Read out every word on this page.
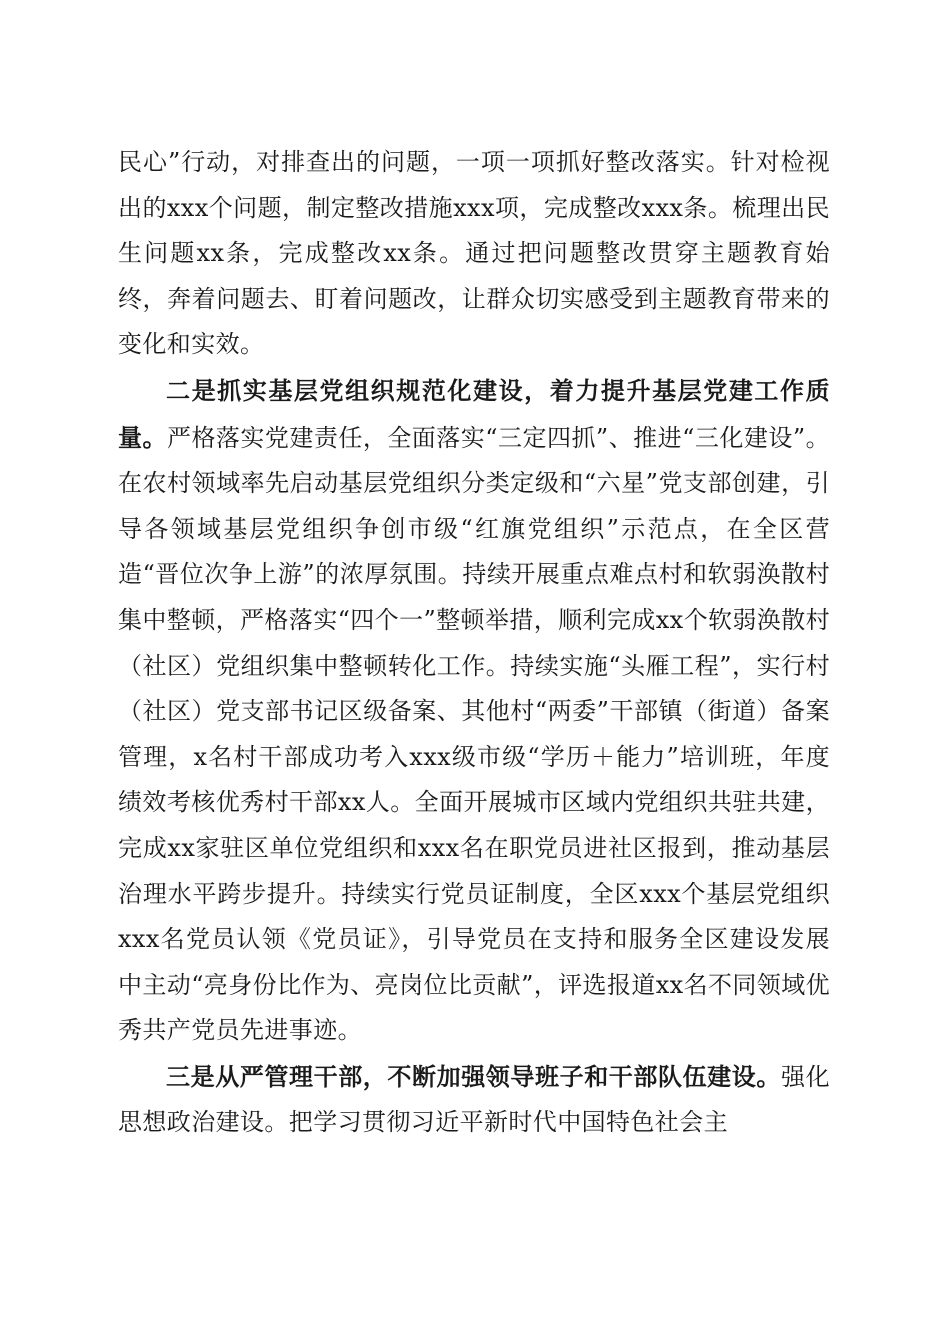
民心”行动，对排查出的问题，一项一项抓好整改落实。针对检视出的xxx个问题，制定整改措施xxx项，完成整改xxx条。梳理出民生问题xx条，完成整改xx条。通过把问题整改贯穿主题教育始终，奔着问题去、盯着问题改，让群众切实感受到主题教育带来的变化和实效。

二是抓实基层党组织规范化建设，着力提升基层党建工作质量。严格落实党建责任，全面落实“三定四抓”、推进“三化建设”。在农村领域率先启动基层党组织分类定级和“六星”党支部创建，引导各领域基层党组织争创市级“红旗党组织”示范点，在全区营造“晋位次争上游”的浓厚氛围。持续开展重点难点村和软弱涣散村集中整顿，严格落实“四个一”整顿举措，顺利完成xx个软弱涣散村（社区）党组织集中整顿转化工作。持续实施“头雁工程”，实行村（社区）党支部书记区级备案、其他村“两委”干部镇（街道）备案管理，x名村干部成功考入xxx级市级“学历＋能力”培训班，年度绩效考核优秀村干部xx人。全面开展城市区域内党组织共驻共建，完成xx家驻区单位党组织和xxx名在职党员进社区报到，推动基层治理水平跨步提升。持续实行党员证制度，全区xxx个基层党组织xxx名党员认领《党员证》，引导党员在支持和服务全区建设发展中主动“亮身份比作为、亮岗位比贡献”，评选报道xx名不同领域优秀共产党员先进事迹。

三是从严管理干部，不断加强领导班子和干部队伍建设。强化思想政治建设。把学习贯彻习近平新时代中国特色社会主
